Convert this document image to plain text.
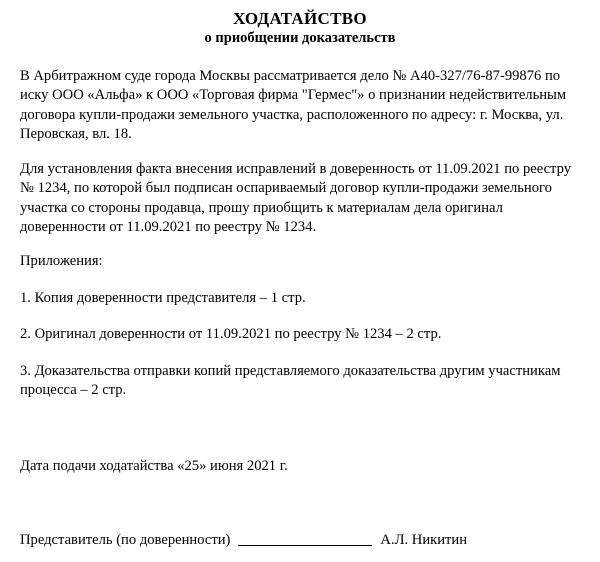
ХОДАТАЙСТВО

о приобщении доказательств

В Арбитражном суде города Москвы рассматривается дело № А40-327/76-87-99876 по иску ООО «Альфа» к ООО «Торговая фирма "Гермес"» о признании недействительным договора купли-продажи земельного участка, расположенного по адресу: г. Москва, ул. Перовская, вл. 18.

Для установления факта внесения исправлений в доверенность от 11.09.2021 по реестру № 1234, по которой был подписан оспариваемый договор купли-продажи земельного участка со стороны продавца, прошу приобщить к материалам дела оригинал доверенности от 11.09.2021 по реестру № 1234.

Приложения:

1. Копия доверенности представителя – 1 стр.

2. Оригинал доверенности от 11.09.2021 по реестру № 1234 – 2 стр.

3. Доказательства отправки копий представляемого доказательства другим участникам процесса – 2 стр.

Дата подачи ходатайства «25» июня 2021 г.

Представитель (по доверенности)	А.Л. Никитин
